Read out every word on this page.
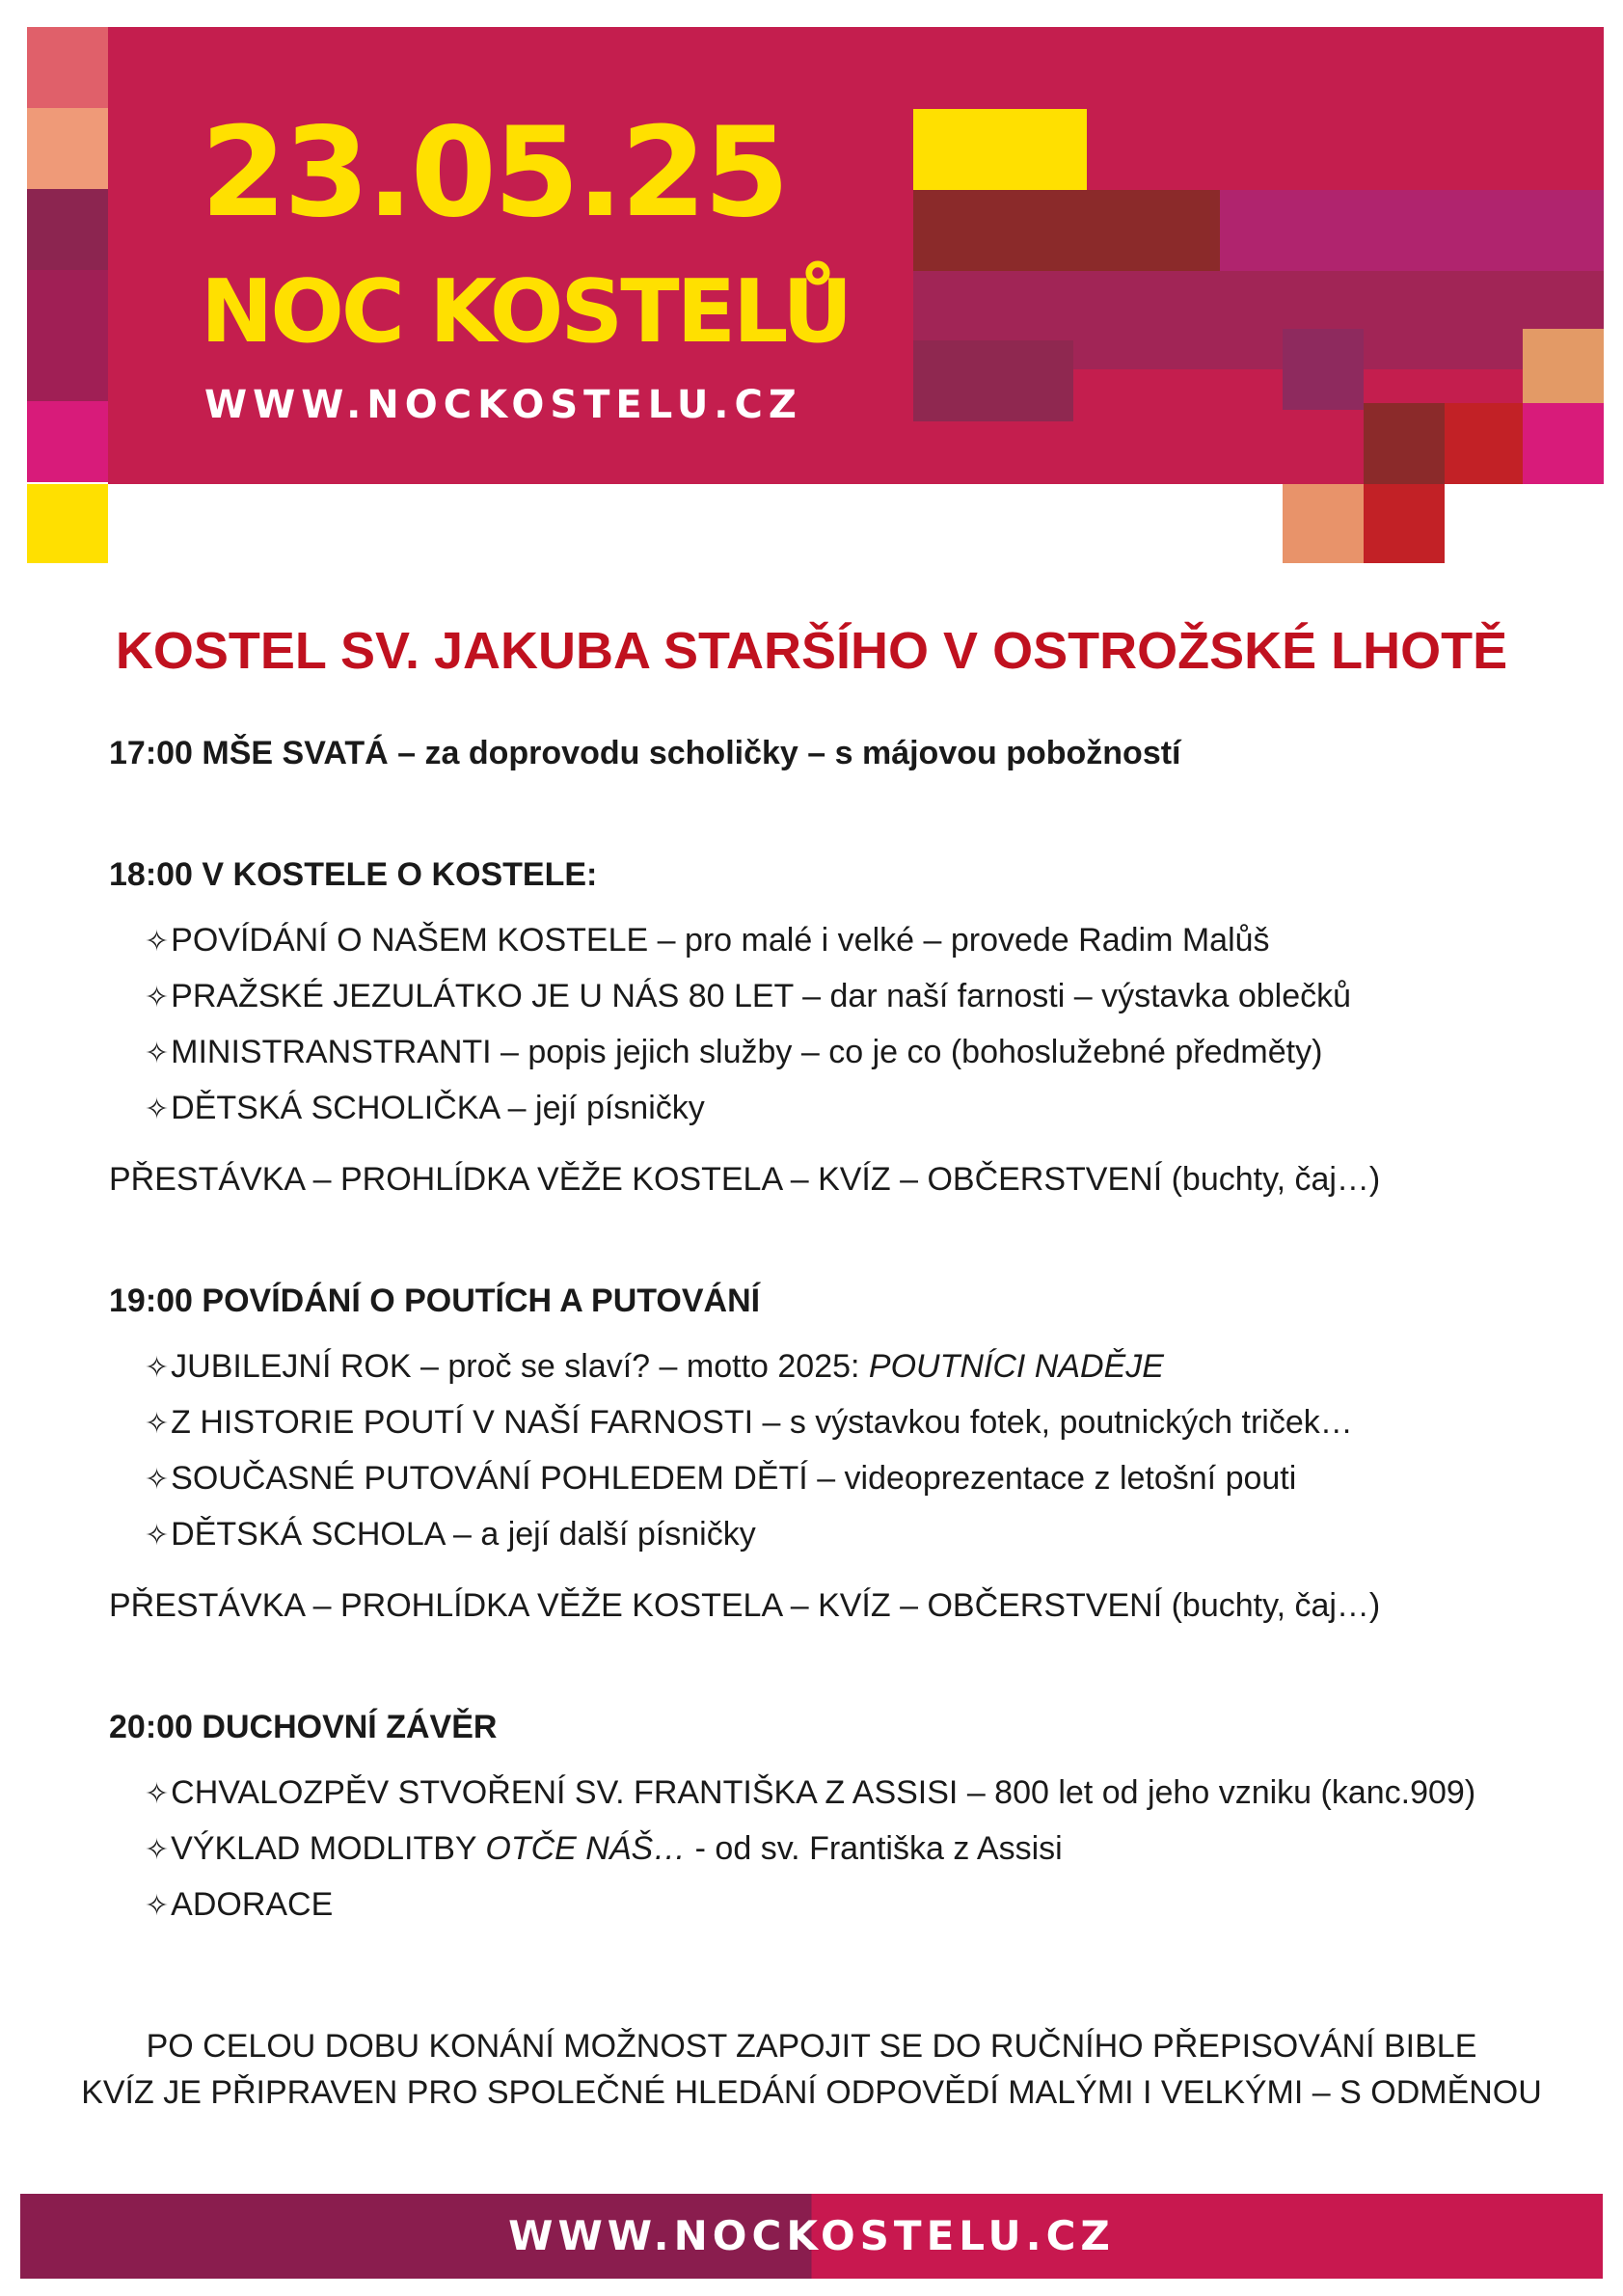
23.05.25
NOC KOSTELŮ
WWW.NOCKOSTELU.CZ
KOSTEL SV. JAKUBA STARŠÍHO V OSTROŽSKÉ LHOTĚ
17:00 MŠE SVATÁ – za doprovodu scholičky – s májovou pobožností
18:00 V KOSTELE O KOSTELE:
✧POVÍDÁNÍ O NAŠEM KOSTELE – pro malé i velké – provede Radim Malůš
✧PRAŽSKÉ JEZULÁTKO JE U NÁS 80 LET – dar naší farnosti – výstavka oblečků
✧MINISTRANSTRANTI – popis jejich služby – co je co (bohoslužebné předměty)
✧DĚTSKÁ SCHOLIČKA – její písničky
PŘESTÁVKA – PROHLÍDKA VĚŽE KOSTELA – KVÍZ – OBČERSTVENÍ (buchty, čaj…)
19:00 POVÍDÁNÍ O POUTÍCH A PUTOVÁNÍ
✧JUBILEJNÍ ROK – proč se slaví? – motto 2025: POUTNÍCI NADĚJE
✧Z HISTORIE POUTÍ V NAŠÍ FARNOSTI – s výstavkou fotek, poutnických triček…
✧SOUČASNÉ PUTOVÁNÍ POHLEDEM DĚTÍ – videoprezentace z letošní pouti
✧DĚTSKÁ SCHOLA – a její další písničky
PŘESTÁVKA – PROHLÍDKA VĚŽE KOSTELA – KVÍZ – OBČERSTVENÍ (buchty, čaj…)
20:00 DUCHOVNÍ ZÁVĚR
✧CHVALOZPĚV STVOŘENÍ SV. FRANTIŠKA Z ASSISI – 800 let od jeho vzniku (kanc.909)
✧VÝKLAD MODLITBY OTČE NÁŠ… - od sv. Františka z Assisi
✧ADORACE
PO CELOU DOBU KONÁNÍ MOŽNOST ZAPOJIT SE DO RUČNÍHO PŘEPISOVÁNÍ BIBLE
KVÍZ JE PŘIPRAVEN PRO SPOLEČNÉ HLEDÁNÍ ODPOVĚDÍ MALÝMI I VELKÝMI – S ODMĚNOU
WWW.NOCKOSTELU.CZ
